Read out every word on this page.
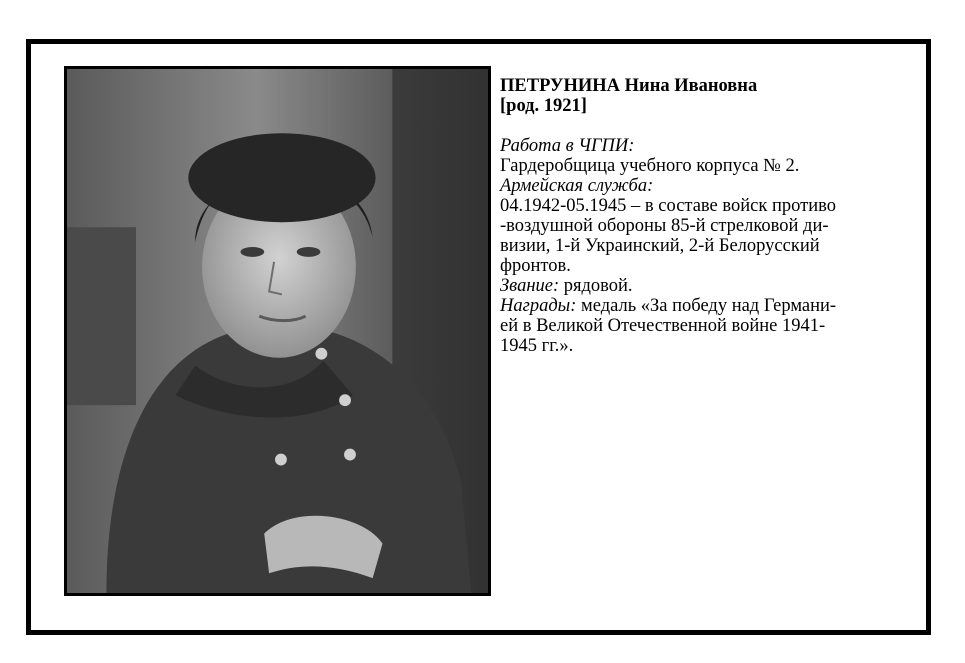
ПЕТРУНИНА Нина Ивановна
[род. 1921]
Работа в ЧГПИ:
Гардеробщица учебного корпуса № 2.
Армейская служба:
04.1942-05.1945 – в составе войск противо
-воздушной обороны 85-й стрелковой ди-
визии, 1-й Украинский, 2-й Белорусский
фронтов.
Звание: рядовой.
Награды: медаль «За победу над Германи-
ей в Великой Отечественной войне 1941-
1945 гг.».
